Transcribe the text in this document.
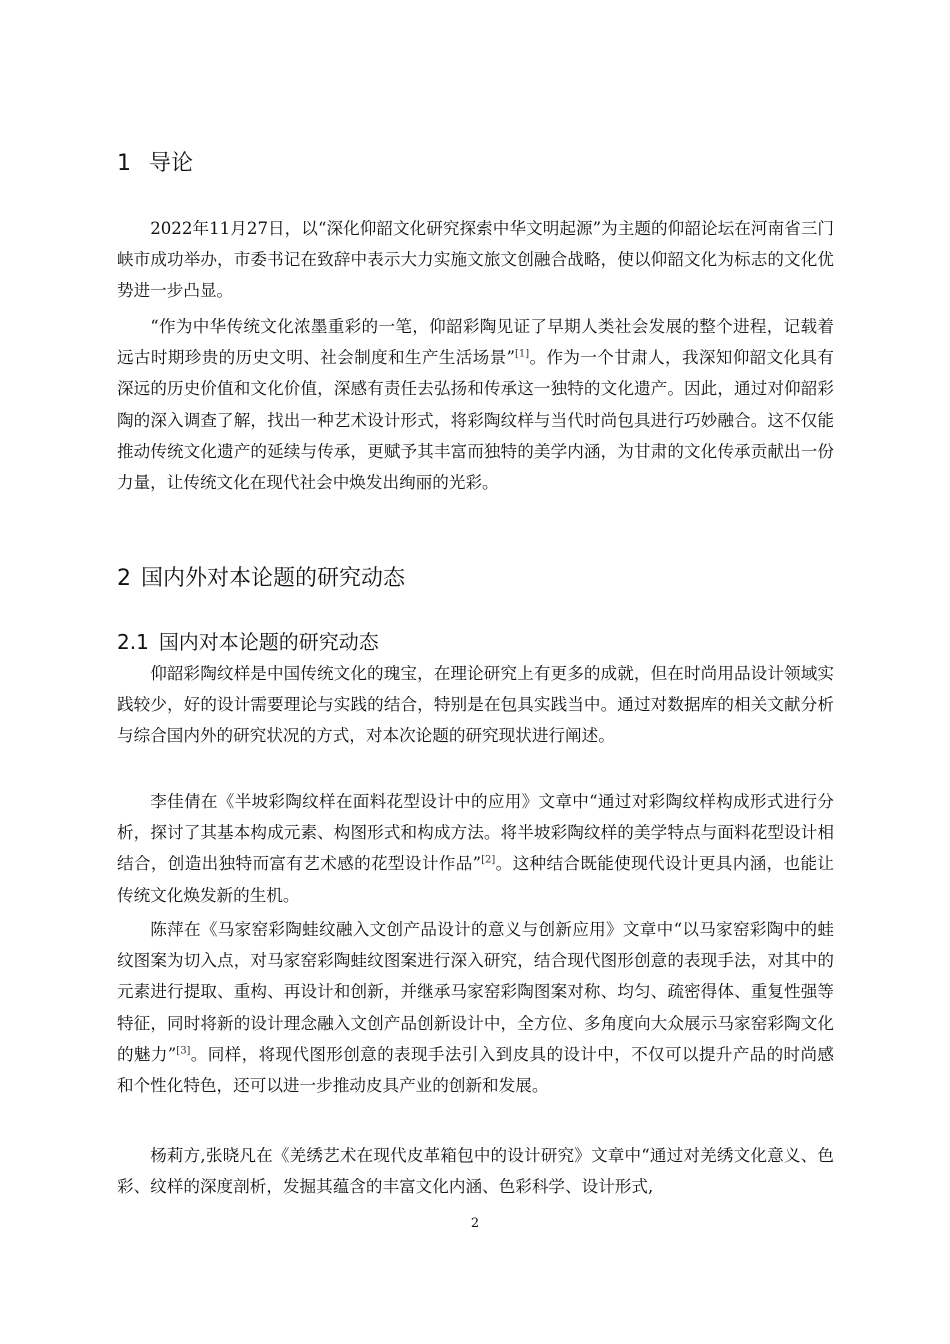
1 导论

2022年11月27日，以“深化仰韶文化研究探索中华文明起源”为主题的仰韶论坛在河南省三门峡市成功举办，市委书记在致辞中表示大力实施文旅文创融合战略，使以仰韶文化为标志的文化优势进一步凸显。

“作为中华传统文化浓墨重彩的一笔，仰韶彩陶见证了早期人类社会发展的整个进程，记载着远古时期珍贵的历史文明、社会制度和生产生活场景”[1]。作为一个甘肃人，我深知仰韶文化具有深远的历史价值和文化价值，深感有责任去弘扬和传承这一独特的文化遗产。因此，通过对仰韶彩陶的深入调查了解，找出一种艺术设计形式，将彩陶纹样与当代时尚包具进行巧妙融合。这不仅能推动传统文化遗产的延续与传承，更赋予其丰富而独特的美学内涵，为甘肃的文化传承贡献出一份力量，让传统文化在现代社会中焕发出绚丽的光彩。

2 国内外对本论题的研究动态
2.1 国内对本论题的研究动态

仰韶彩陶纹样是中国传统文化的瑰宝，在理论研究上有更多的成就，但在时尚用品设计领域实践较少，好的设计需要理论与实践的结合，特别是在包具实践当中。通过对数据库的相关文献分析与综合国内外的研究状况的方式，对本次论题的研究现状进行阐述。

李佳倩在《半坡彩陶纹样在面料花型设计中的应用》文章中“通过对彩陶纹样构成形式进行分析，探讨了其基本构成元素、构图形式和构成方法。将半坡彩陶纹样的美学特点与面料花型设计相结合，创造出独特而富有艺术感的花型设计作品”[2]。这种结合既能使现代设计更具内涵，也能让传统文化焕发新的生机。

陈萍在《马家窑彩陶蛙纹融入文创产品设计的意义与创新应用》文章中“以马家窑彩陶中的蛙纹图案为切入点，对马家窑彩陶蛙纹图案进行深入研究，结合现代图形创意的表现手法，对其中的元素进行提取、重构、再设计和创新，并继承马家窑彩陶图案对称、均匀、疏密得体、重复性强等特征，同时将新的设计理念融入文创产品创新设计中，全方位、多角度向大众展示马家窑彩陶文化的魅力”[3]。同样，将现代图形创意的表现手法引入到皮具的设计中，不仅可以提升产品的时尚感和个性化特色，还可以进一步推动皮具产业的创新和发展。

杨莉方,张晓凡在《羌绣艺术在现代皮革箱包中的设计研究》文章中“通过对羌绣文化意义、色彩、纹样的深度剖析，发掘其蕴含的丰富文化内涵、色彩科学、设计形式,

2
